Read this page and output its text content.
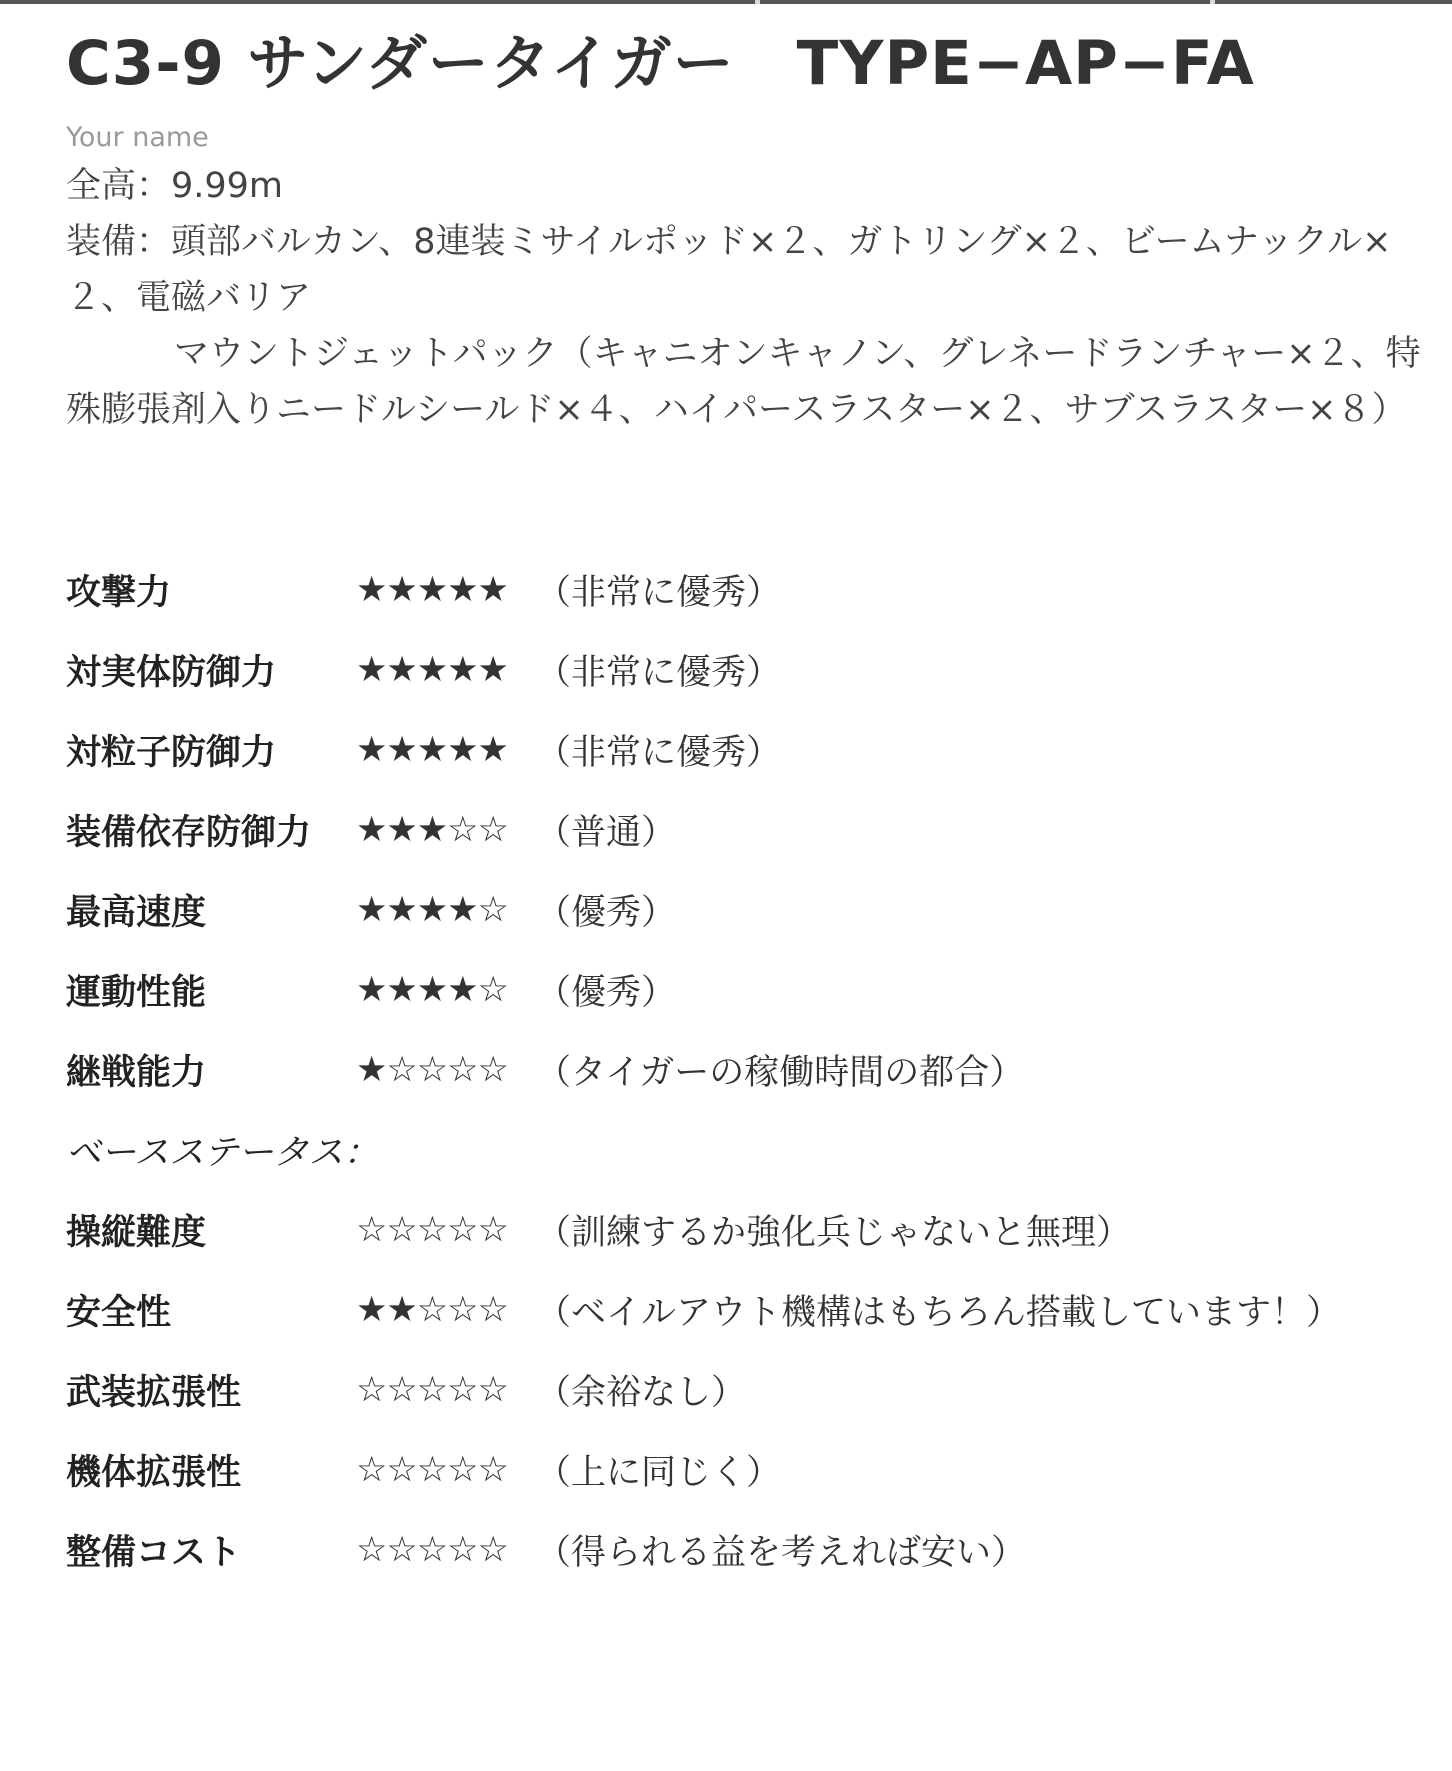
C3-9 サンダータイガー　TYPE−AP−FA
Your name

全高：9.99m

装備：頭部バルカン、8連装ミサイルポッド×２、ガトリング×２、ビームナックル×２、電磁バリア

マウントジェットパック（キャニオンキャノン、グレネードランチャー×２、特殊膨張剤入りニードルシールド×４、ハイパースラスター×２、サブスラスター×８）

攻撃力	★★★★★ （非常に優秀）
対実体防御力	★★★★★ （非常に優秀）
対粒子防御力	★★★★★ （非常に優秀）
装備依存防御力	★★★☆☆ （普通）
最高速度	★★★★☆ （優秀）
運動性能	★★★★☆ （優秀）
継戦能力	★☆☆☆☆ （タイガーの稼働時間の都合）
ベースステータス：
操縦難度	☆☆☆☆☆ （訓練するか強化兵じゃないと無理）
安全性	★★☆☆☆ （ベイルアウト機構はもちろん搭載しています！）
武装拡張性	☆☆☆☆☆ （余裕なし）
機体拡張性	☆☆☆☆☆ （上に同じく）
整備コスト	☆☆☆☆☆ （得られる益を考えれば安い）
